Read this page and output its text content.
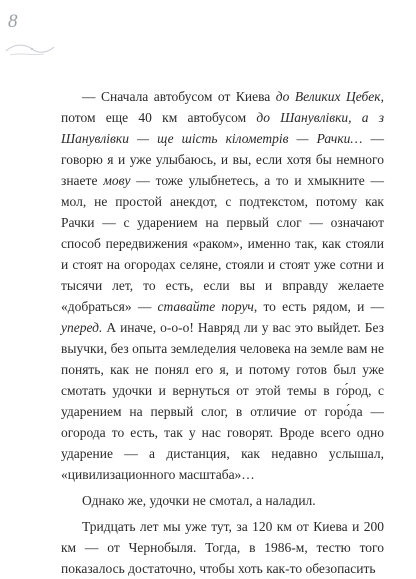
8

— Сначала автобусом от Киева до Великих Цебек, потом еще 40 км автобусом до Шанувлівки, а з Шанувлівки — ще шість кілометрів — Рачки… — говорю я и уже улыбаюсь, и вы, если хотя бы немного знаете мову — тоже улыбнетесь, а то и хмыкните — мол, не простой анекдот, с подтекстом, потому как Рачки — с ударением на первый слог — означают способ передвижения «раком», именно так, как стояли и стоят на огородах селяне, стояли и стоят уже сотни и тысячи лет, то есть, если вы и вправду желаете «добраться» — ставайте поруч, то есть рядом, и — уперед. А иначе, о-о-о! Навряд ли у вас это выйдет. Без выучки, без опыта земледелия человека на земле вам не понять, как не понял его я, и потому готов был уже смотать удочки и вернуться от этой темы в го́род, с ударением на первый слог, в отличие от горо́да — огорода то есть, так у нас говорят. Вроде всего одно ударение — а дистанция, как недавно услышал, «цивилизационного масштаба»…

Однако же, удочки не смотал, а наладил.

Тридцать лет мы уже тут, за 120 км от Киева и 200 км — от Чернобыля. Тогда, в 1986-м, тестю того показалось достаточно, чтобы хоть как-то обезопасить
